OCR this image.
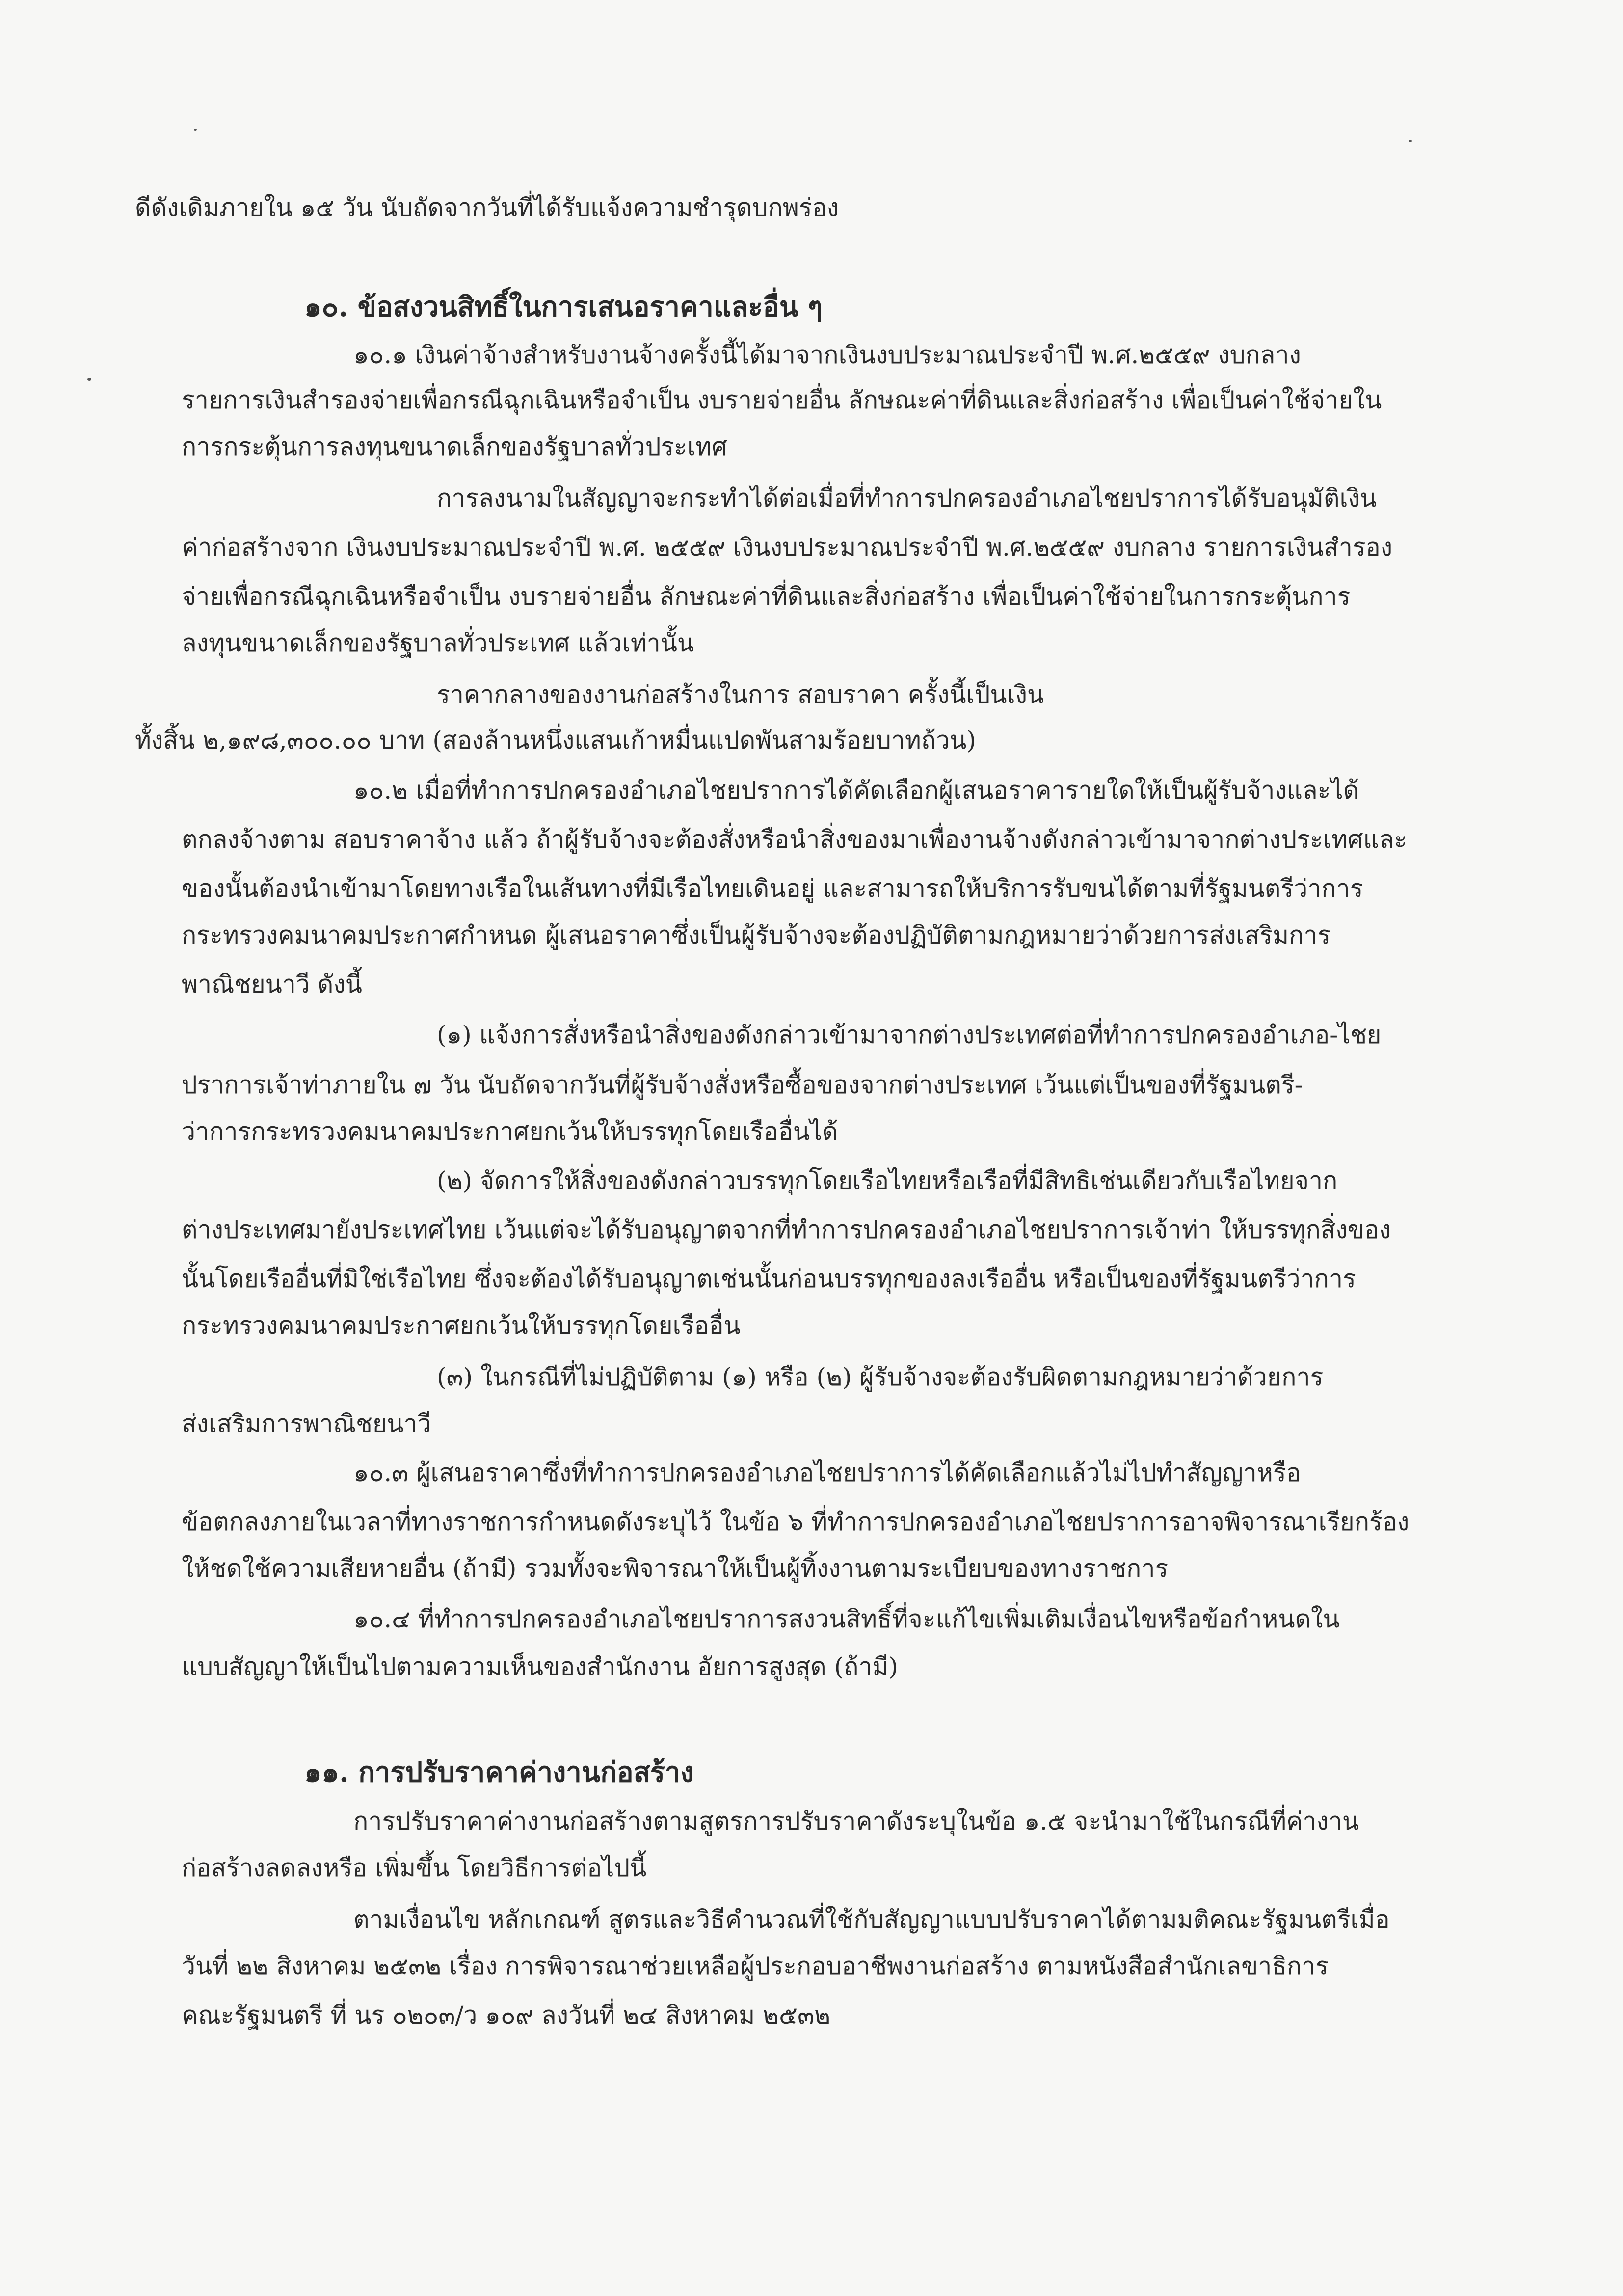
ดีดังเดิมภายใน ๑๕ วัน นับถัดจากวันที่ได้รับแจ้งความชำรุดบกพร่อง
๑๐. ข้อสงวนสิทธิ์ในการเสนอราคาและอื่น ๆ
๑๐.๑ เงินค่าจ้างสำหรับงานจ้างครั้งนี้ได้มาจากเงินงบประมาณประจำปี พ.ศ.๒๕๕๙ งบกลาง
รายการเงินสำรองจ่ายเพื่อกรณีฉุกเฉินหรือจำเป็น งบรายจ่ายอื่น ลักษณะค่าที่ดินและสิ่งก่อสร้าง เพื่อเป็นค่าใช้จ่ายใน
การกระตุ้นการลงทุนขนาดเล็กของรัฐบาลทั่วประเทศ
การลงนามในสัญญาจะกระทำได้ต่อเมื่อที่ทำการปกครองอำเภอไชยปราการได้รับอนุมัติเงิน
ค่าก่อสร้างจาก เงินงบประมาณประจำปี พ.ศ. ๒๕๕๙ เงินงบประมาณประจำปี พ.ศ.๒๕๕๙ งบกลาง รายการเงินสำรอง
จ่ายเพื่อกรณีฉุกเฉินหรือจำเป็น งบรายจ่ายอื่น ลักษณะค่าที่ดินและสิ่งก่อสร้าง เพื่อเป็นค่าใช้จ่ายในการกระตุ้นการ
ลงทุนขนาดเล็กของรัฐบาลทั่วประเทศ แล้วเท่านั้น
ราคากลางของงานก่อสร้างในการ สอบราคา ครั้งนี้เป็นเงิน
ทั้งสิ้น ๒,๑๙๘,๓๐๐.๐๐ บาท (สองล้านหนึ่งแสนเก้าหมื่นแปดพันสามร้อยบาทถ้วน)
๑๐.๒ เมื่อที่ทำการปกครองอำเภอไชยปราการได้คัดเลือกผู้เสนอราคารายใดให้เป็นผู้รับจ้างและได้
ตกลงจ้างตาม สอบราคาจ้าง แล้ว ถ้าผู้รับจ้างจะต้องสั่งหรือนำสิ่งของมาเพื่องานจ้างดังกล่าวเข้ามาจากต่างประเทศและ
ของนั้นต้องนำเข้ามาโดยทางเรือในเส้นทางที่มีเรือไทยเดินอยู่ และสามารถให้บริการรับขนได้ตามที่รัฐมนตรีว่าการ
กระทรวงคมนาคมประกาศกำหนด ผู้เสนอราคาซึ่งเป็นผู้รับจ้างจะต้องปฏิบัติตามกฎหมายว่าด้วยการส่งเสริมการ
พาณิชยนาวี ดังนี้
(๑) แจ้งการสั่งหรือนำสิ่งของดังกล่าวเข้ามาจากต่างประเทศต่อที่ทำการปกครองอำเภอ-ไชย
ปราการเจ้าท่าภายใน ๗ วัน นับถัดจากวันที่ผู้รับจ้างสั่งหรือซื้อของจากต่างประเทศ เว้นแต่เป็นของที่รัฐมนตรี-
ว่าการกระทรวงคมนาคมประกาศยกเว้นให้บรรทุกโดยเรืออื่นได้
(๒) จัดการให้สิ่งของดังกล่าวบรรทุกโดยเรือไทยหรือเรือที่มีสิทธิเช่นเดียวกับเรือไทยจาก
ต่างประเทศมายังประเทศไทย เว้นแต่จะได้รับอนุญาตจากที่ทำการปกครองอำเภอไชยปราการเจ้าท่า ให้บรรทุกสิ่งของ
นั้นโดยเรืออื่นที่มิใช่เรือไทย ซึ่งจะต้องได้รับอนุญาตเช่นนั้นก่อนบรรทุกของลงเรืออื่น หรือเป็นของที่รัฐมนตรีว่าการ
กระทรวงคมนาคมประกาศยกเว้นให้บรรทุกโดยเรืออื่น
(๓) ในกรณีที่ไม่ปฏิบัติตาม (๑) หรือ (๒) ผู้รับจ้างจะต้องรับผิดตามกฎหมายว่าด้วยการ
ส่งเสริมการพาณิชยนาวี
๑๐.๓ ผู้เสนอราคาซึ่งที่ทำการปกครองอำเภอไชยปราการได้คัดเลือกแล้วไม่ไปทำสัญญาหรือ
ข้อตกลงภายในเวลาที่ทางราชการกำหนดดังระบุไว้ ในข้อ ๖ ที่ทำการปกครองอำเภอไชยปราการอาจพิจารณาเรียกร้อง
ให้ชดใช้ความเสียหายอื่น (ถ้ามี) รวมทั้งจะพิจารณาให้เป็นผู้ทิ้งงานตามระเบียบของทางราชการ
๑๐.๔ ที่ทำการปกครองอำเภอไชยปราการสงวนสิทธิ์ที่จะแก้ไขเพิ่มเติมเงื่อนไขหรือข้อกำหนดใน
แบบสัญญาให้เป็นไปตามความเห็นของสำนักงาน อัยการสูงสุด (ถ้ามี)
๑๑. การปรับราคาค่างานก่อสร้าง
การปรับราคาค่างานก่อสร้างตามสูตรการปรับราคาดังระบุในข้อ ๑.๕ จะนำมาใช้ในกรณีที่ค่างาน
ก่อสร้างลดลงหรือ เพิ่มขึ้น โดยวิธีการต่อไปนี้
ตามเงื่อนไข หลักเกณฑ์ สูตรและวิธีคำนวณที่ใช้กับสัญญาแบบปรับราคาได้ตามมติคณะรัฐมนตรีเมื่อ
วันที่ ๒๒ สิงหาคม ๒๕๓๒ เรื่อง การพิจารณาช่วยเหลือผู้ประกอบอาชีพงานก่อสร้าง ตามหนังสือสำนักเลขาธิการ
คณะรัฐมนตรี ที่ นร ๐๒๐๓/ว ๑๐๙ ลงวันที่ ๒๔ สิงหาคม ๒๕๓๒
